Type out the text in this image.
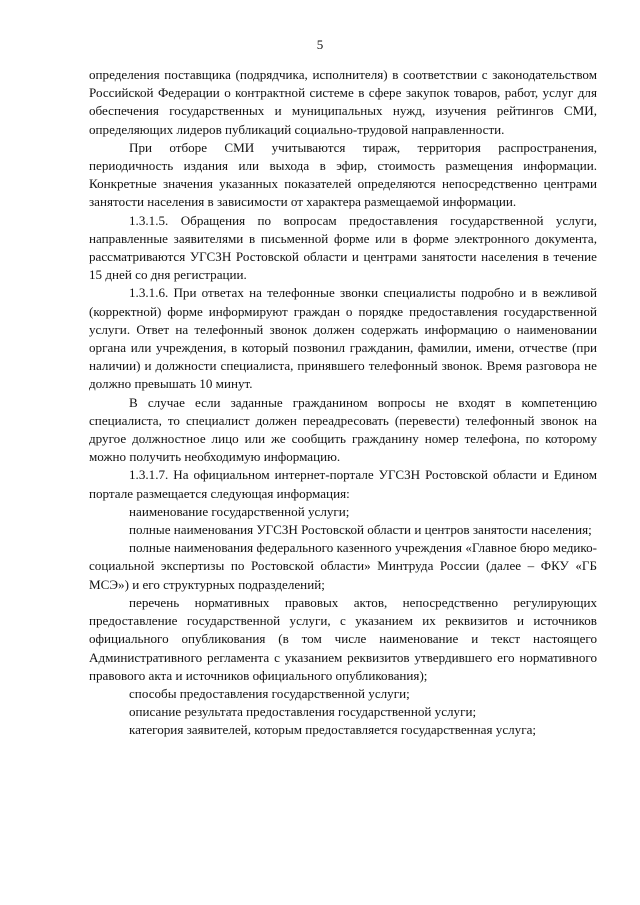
5

определения поставщика (подрядчика, исполнителя) в соответствии с законодательством Российской Федерации о контрактной системе в сфере закупок товаров, работ, услуг для обеспечения государственных и муниципальных нужд, изучения рейтингов СМИ, определяющих лидеров публикаций социально-трудовой направленности.

При отборе СМИ учитываются тираж, территория распространения, периодичность издания или выхода в эфир, стоимость размещения информации. Конкретные значения указанных показателей определяются непосредственно центрами занятости населения в зависимости от характера размещаемой информации.

1.3.1.5. Обращения по вопросам предоставления государственной услуги, направленные заявителями в письменной форме или в форме электронного документа, рассматриваются УГСЗН Ростовской области и центрами занятости населения в течение 15 дней со дня регистрации.

1.3.1.6. При ответах на телефонные звонки специалисты подробно и в вежливой (корректной) форме информируют граждан о порядке предоставления государственной услуги. Ответ на телефонный звонок должен содержать информацию о наименовании органа или учреждения, в который позвонил гражданин, фамилии, имени, отчестве (при наличии) и должности специалиста, принявшего телефонный звонок. Время разговора не должно превышать 10 минут.

В случае если заданные гражданином вопросы не входят в компетенцию специалиста, то специалист должен переадресовать (перевести) телефонный звонок на другое должностное лицо или же сообщить гражданину номер телефона, по которому можно получить необходимую информацию.

1.3.1.7. На официальном интернет-портале УГСЗН Ростовской области и Едином портале размещается следующая информация:

наименование государственной услуги;

полные наименования УГСЗН Ростовской области и центров занятости населения;

полные наименования федерального казенного учреждения «Главное бюро медико-социальной экспертизы по Ростовской области» Минтруда России (далее – ФКУ «ГБ МСЭ») и его структурных подразделений;

перечень нормативных правовых актов, непосредственно регулирующих предоставление государственной услуги, с указанием их реквизитов и источников официального опубликования (в том числе наименование и текст настоящего Административного регламента с указанием реквизитов утвердившего его нормативного правового акта и источников официального опубликования);

способы предоставления государственной услуги;

описание результата предоставления государственной услуги;

категория заявителей, которым предоставляется государственная услуга;
